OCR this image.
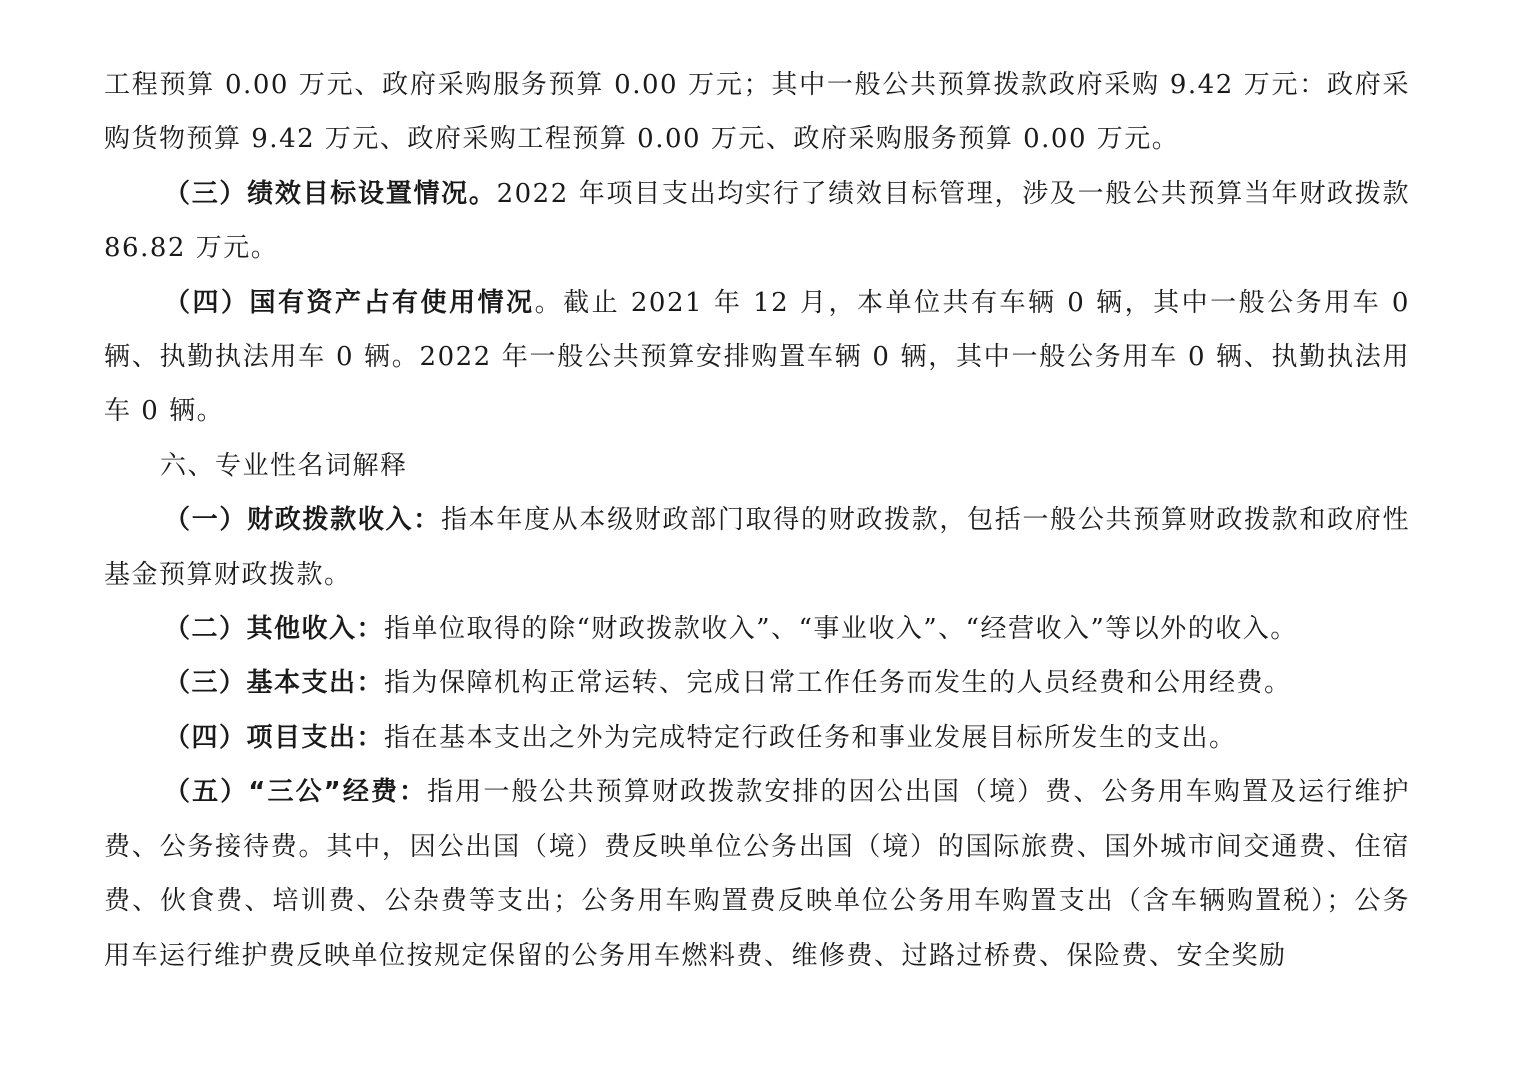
工程预算 0.00 万元、政府采购服务预算 0.00 万元；其中一般公共预算拨款政府采购 9.42 万元：政府采购货物预算 9.42 万元、政府采购工程预算 0.00 万元、政府采购服务预算 0.00 万元。

（三）绩效目标设置情况。2022 年项目支出均实行了绩效目标管理，涉及一般公共预算当年财政拨款 86.82 万元。

（四）国有资产占有使用情况。截止 2021 年 12 月，本单位共有车辆 0 辆，其中一般公务用车 0 辆、执勤执法用车 0 辆。2022 年一般公共预算安排购置车辆 0 辆，其中一般公务用车 0 辆、执勤执法用车 0 辆。

六、专业性名词解释

（一）财政拨款收入：指本年度从本级财政部门取得的财政拨款，包括一般公共预算财政拨款和政府性基金预算财政拨款。

（二）其他收入：指单位取得的除“财政拨款收入”、“事业收入”、“经营收入”等以外的收入。

（三）基本支出：指为保障机构正常运转、完成日常工作任务而发生的人员经费和公用经费。

（四）项目支出：指在基本支出之外为完成特定行政任务和事业发展目标所发生的支出。

（五）“三公”经费：指用一般公共预算财政拨款安排的因公出国（境）费、公务用车购置及运行维护费、公务接待费。其中，因公出国（境）费反映单位公务出国（境）的国际旅费、国外城市间交通费、住宿费、伙食费、培训费、公杂费等支出；公务用车购置费反映单位公务用车购置支出（含车辆购置税）；公务用车运行维护费反映单位按规定保留的公务用车燃料费、维修费、过路过桥费、保险费、安全奖励
